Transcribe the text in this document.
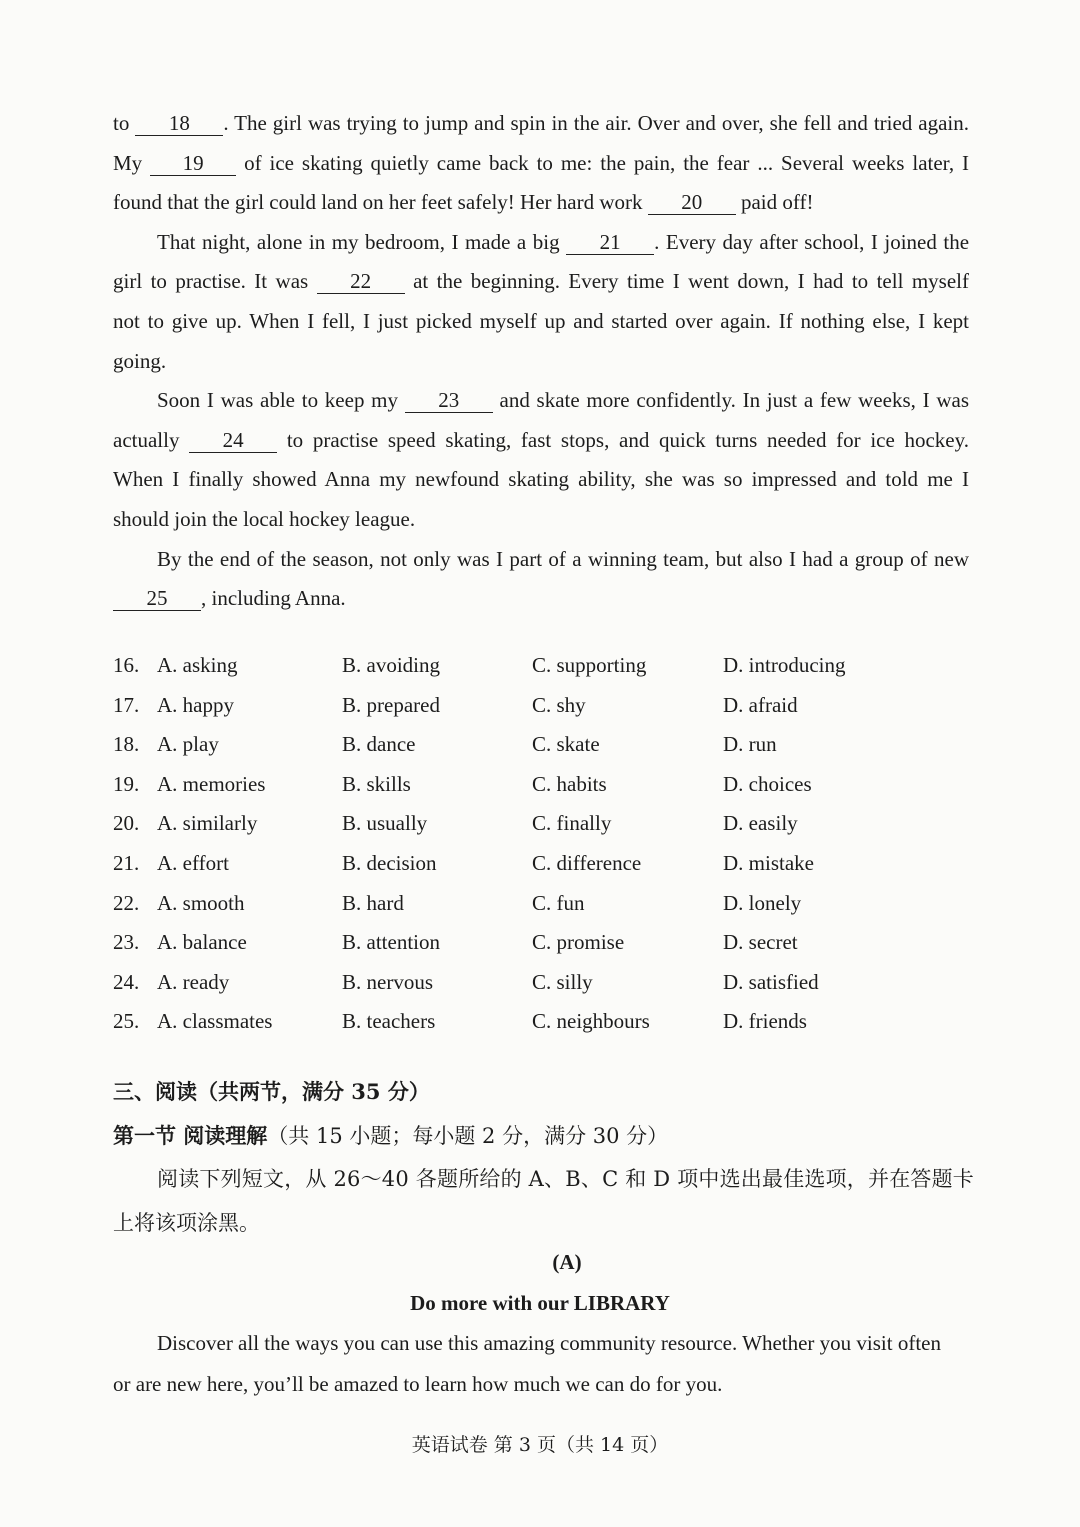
to 18 . The girl was trying to jump and spin in the air. Over and over, she fell and tried again.
My 19 of ice skating quietly came back to me: the pain, the fear ... Several weeks later, I
found that the girl could land on her feet safely! Her hard work 20 paid off!
That night, alone in my bedroom, I made a big 21 . Every day after school, I joined the
girl to practise. It was 22 at the beginning. Every time I went down, I had to tell myself
not to give up. When I fell, I just picked myself up and started over again. If nothing else, I kept
going.
Soon I was able to keep my 23 and skate more confidently. In just a few weeks, I was
actually 24 to practise speed skating, fast stops, and quick turns needed for ice hockey.
When I finally showed Anna my newfound skating ability, she was so impressed and told me I
should join the local hockey league.
By the end of the season, not only was I part of a winning team, but also I had a group of new
25 , including Anna.
16. A. asking	B. avoiding	C. supporting	D. introducing
17. A. happy	B. prepared	C. shy	D. afraid
18. A. play	B. dance	C. skate	D. run
19. A. memories	B. skills	C. habits	D. choices
20. A. similarly	B. usually	C. finally	D. easily
21. A. effort	B. decision	C. difference	D. mistake
22. A. smooth	B. hard	C. fun	D. lonely
23. A. balance	B. attention	C. promise	D. secret
24. A. ready	B. nervous	C. silly	D. satisfied
25. A. classmates	B. teachers	C. neighbours	D. friends
三、阅读（共两节，满分 35 分）
第一节 阅读理解（共 15 小题；每小题 2 分，满分 30 分）
阅读下列短文，从 26～40 各题所给的 A、B、C 和 D 项中选出最佳选项，并在答题卡
上将该项涂黑。
(A)
Do more with our LIBRARY
Discover all the ways you can use this amazing community resource. Whether you visit often
or are new here, you’ll be amazed to learn how much we can do for you.
英语试卷 第 3 页（共 14 页）
